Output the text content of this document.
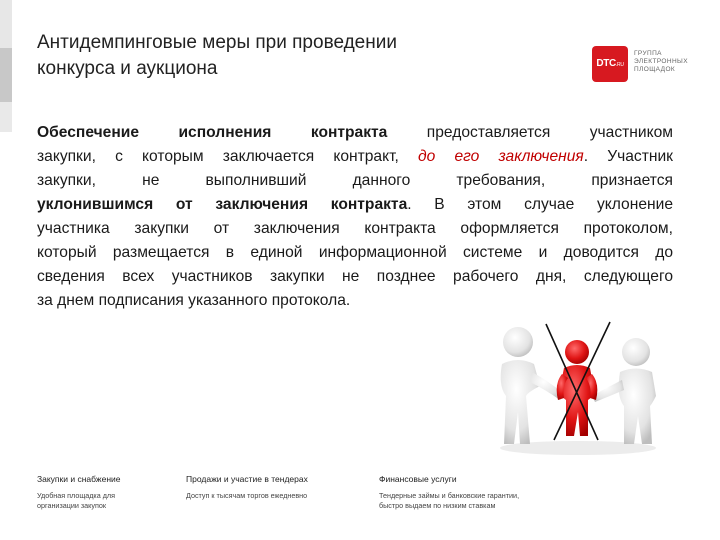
Антидемпинговые меры при проведении
конкурса и аукциона	DTC.RU
ГРУППА
ЭЛЕКТРОННЫХ
ПЛОЩАДОК
Обеспечение исполнения контракта предоставляется участником
закупки, с которым заключается контракт, до его заключения. Участник
закупки, не выполнивший данного требования, признается
уклонившимся от заключения контракта. В этом случае уклонение
участника закупки от заключения контракта оформляется протоколом,
который размещается в единой информационной системе и доводится до
сведения всех участников закупки не позднее рабочего дня, следующего
за днем подписания указанного протокола.
Закупки и снабжение
Удобная площадка для
организации закупок
Продажи и участие в тендерах
Доступ к тысячам торгов ежедневно
Финансовые услуги
Тендерные займы и банковские гарантии,
быстро выдаем по низким ставкам
